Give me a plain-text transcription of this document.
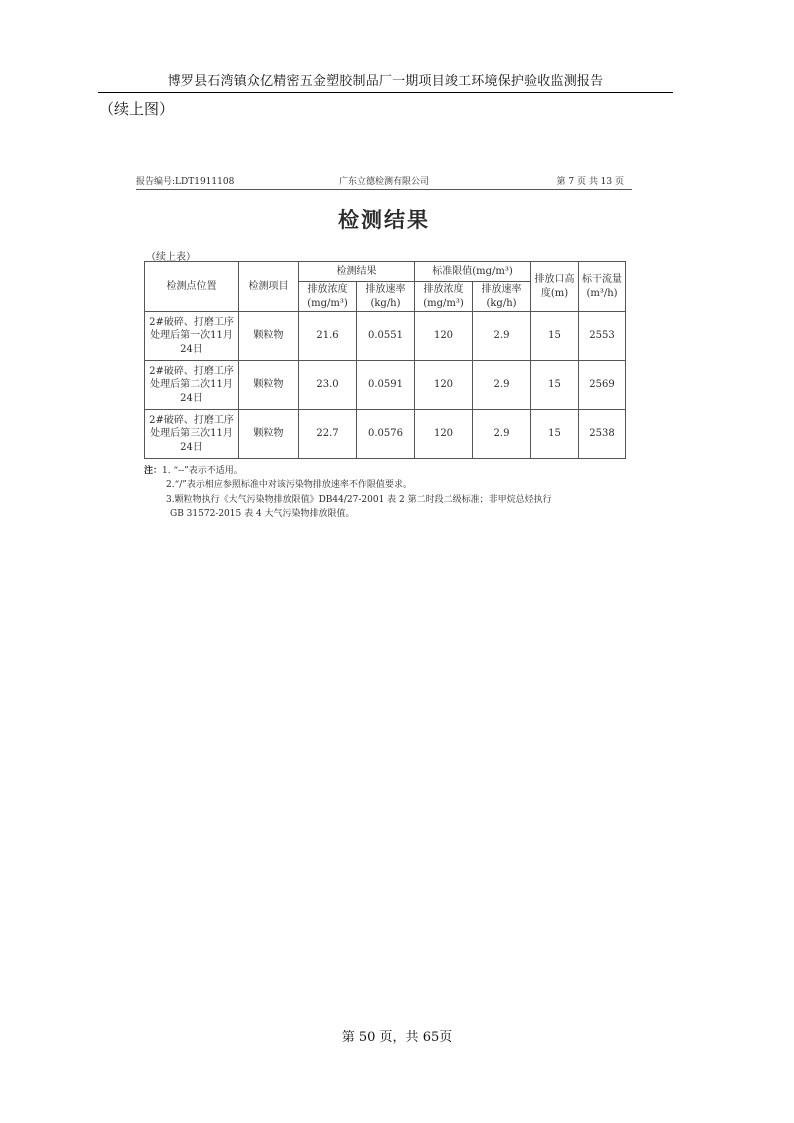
博罗县石湾镇众亿精密五金塑胶制品厂一期项目竣工环境保护验收监测报告
（续上图）
报告编号:LDT1911108	广东立德检测有限公司	第 7 页 共 13 页
检测结果
（续上表）
检测点位置	检测项目	检测结果		标准限值(mg/m³)		排放口高度(m)	标干流量(m³/h)
		排放浓度(mg/m³)	排放速率(kg/h)	排放浓度(mg/m³)	排放速率(kg/h)		
2#破碎、打磨工序处理后第一次11月24日	颗粒物	21.6	0.0551	120	2.9	15	2553
2#破碎、打磨工序处理后第二次11月24日	颗粒物	23.0	0.0591	120	2.9	15	2569
2#破碎、打磨工序处理后第三次11月24日	颗粒物	22.7	0.0576	120	2.9	15	2538
注：1. “--”表示不适用。
2.“/”表示相应参照标准中对该污染物排放速率不作限值要求。
3.颗粒物执行《大气污染物排放限值》DB44/27-2001 表 2 第二时段二级标准；非甲烷总烃执行
GB 31572-2015 表 4 大气污染物排放限值。
第 50 页，共 65页
